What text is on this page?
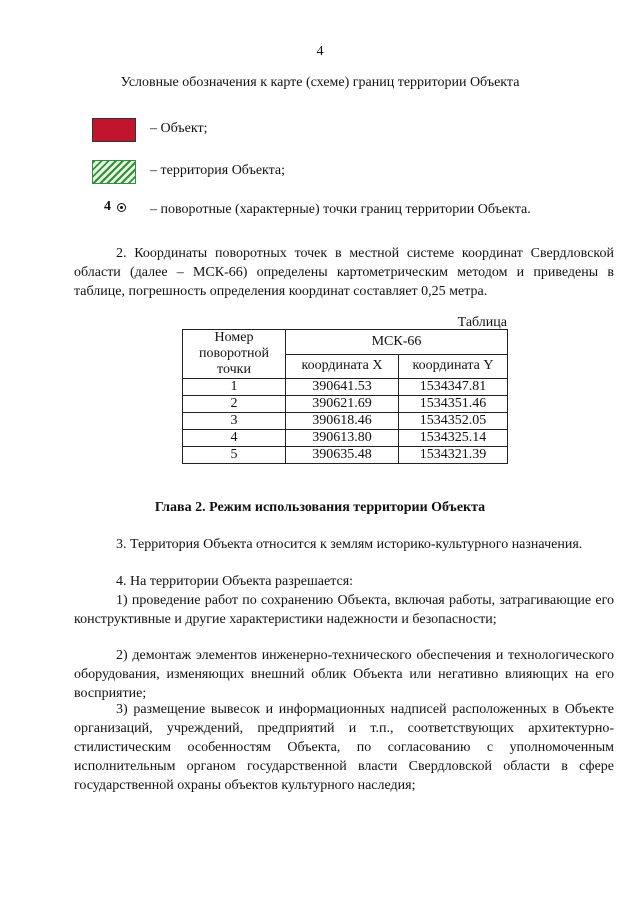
4
Условные обозначения к карте (схеме) границ территории Объекта
– Объект;
– территория Объекта;
4	– поворотные (характерные) точки границ территории Объекта.
2. Координаты поворотных точек в местной системе координат Свердловской области (далее – МСК-66) определены картометрическим методом и приведены в таблице, погрешность определения координат составляет 0,25 метра.
Таблица
Номер поворотной точки	МСК-66	
	координата X	координата Y
1	390641.53	1534347.81
2	390621.69	1534351.46
3	390618.46	1534352.05
4	390613.80	1534325.14
5	390635.48	1534321.39
Глава 2. Режим использования территории Объекта
3. Территория Объекта относится к землям историко-культурного назначения.
4. На территории Объекта разрешается:
1) проведение работ по сохранению Объекта, включая работы, затрагивающие его конструктивные и другие характеристики надежности и безопасности;
2) демонтаж элементов инженерно-технического обеспечения и технологического оборудования, изменяющих внешний облик Объекта или негативно влияющих на его восприятие;
3) размещение вывесок и информационных надписей расположенных в Объекте организаций, учреждений, предприятий и т.п., соответствующих архитектурно-стилистическим особенностям Объекта, по согласованию с уполномоченным исполнительным органом государственной власти Свердловской области в сфере государственной охраны объектов культурного наследия;
